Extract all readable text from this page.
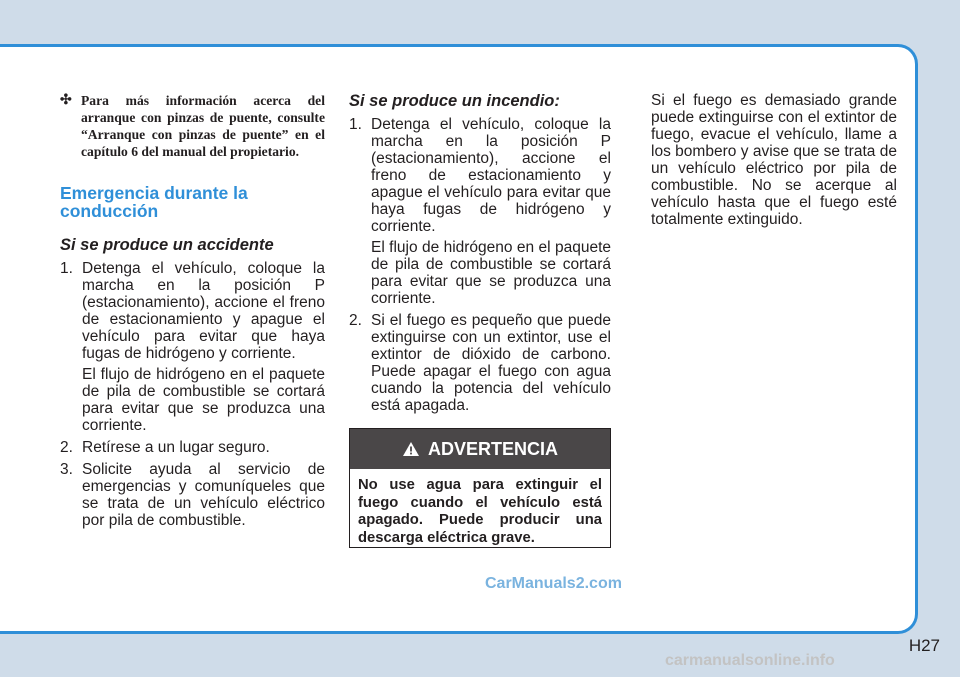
✣ Para más información acerca del arranque con pinzas de puente, consulte “Arranque con pinzas de puente” en el capítulo 6 del manual del propietario.
Emergencia durante la conducción
Si se produce un accidente
1. Detenga el vehículo, coloque la marcha en la posición P (estacionamiento), accione el freno de estacionamiento y apague el vehículo para evitar que haya fugas de hidrógeno y corriente.
El flujo de hidrógeno en el paquete de pila de combustible se cortará para evitar que se produzca una corriente.
2. Retírese a un lugar seguro.
3. Solicite ayuda al servicio de emergencias y comuníqueles que se trata de un vehículo eléctrico por pila de combustible.
Si se produce un incendio:
1. Detenga el vehículo, coloque la marcha en la posición P (estacionamiento), accione el freno de estacionamiento y apague el vehículo para evitar que haya fugas de hidrógeno y corriente.
El flujo de hidrógeno en el paquete de pila de combustible se cortará para evitar que se produzca una corriente.
2. Si el fuego es pequeño que puede extinguirse con un extintor, use el extintor de dióxido de carbono. Puede apagar el fuego con agua cuando la potencia del vehículo está apagada.
ADVERTENCIA
No use agua para extinguir el fuego cuando el vehículo está apagado. Puede producir una descarga eléctrica grave.
Si el fuego es demasiado grande puede extinguirse con el extintor de fuego, evacue el vehículo, llame a los bombero y avise que se trata de un vehículo eléctrico por pila de combustible. No se acerque al vehículo hasta que el fuego esté totalmente extinguido.
CarManuals2.com
H27
carmanualsonline.info
